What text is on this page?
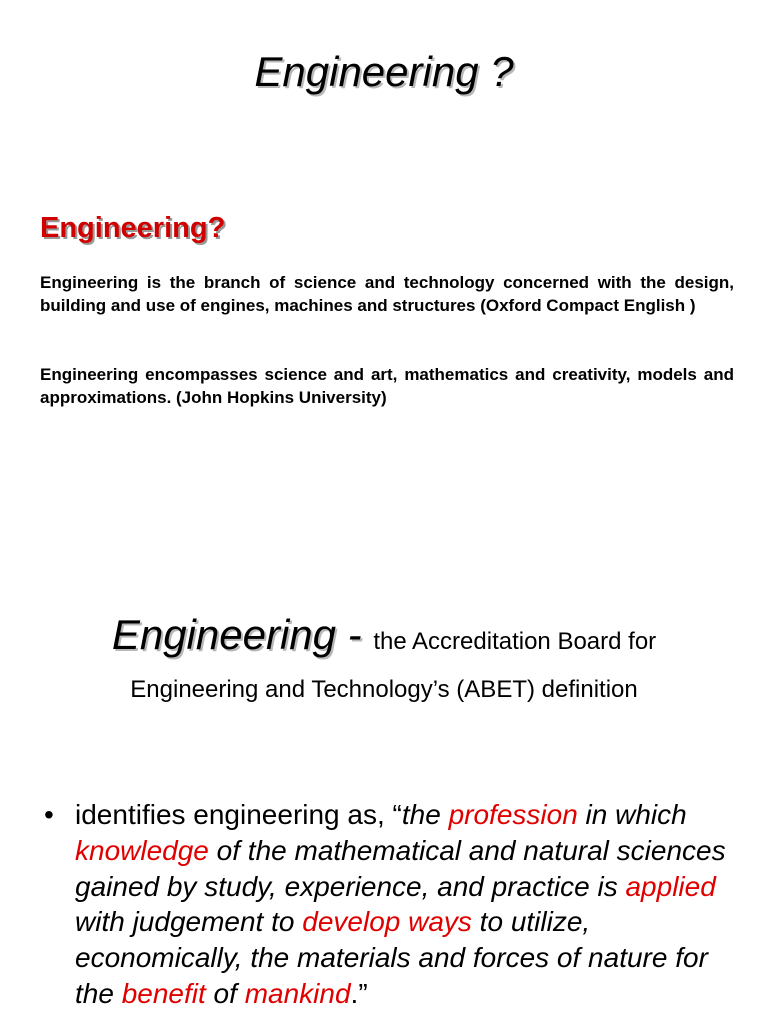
Engineering ?
Engineering?

Engineering is the branch of science and technology concerned with the design, building and use of engines, machines and structures (Oxford Compact English )

Engineering encompasses science and art, mathematics and creativity, models and approximations. (John Hopkins University)

Engineering - the Accreditation Board for
Engineering and Technology’s (ABET) definition
• identifies engineering as, “the profession in which knowledge of the mathematical and natural sciences gained by study, experience, and practice is applied with judgement to develop ways to utilize, economically, the materials and forces of nature for the benefit of mankind.”
